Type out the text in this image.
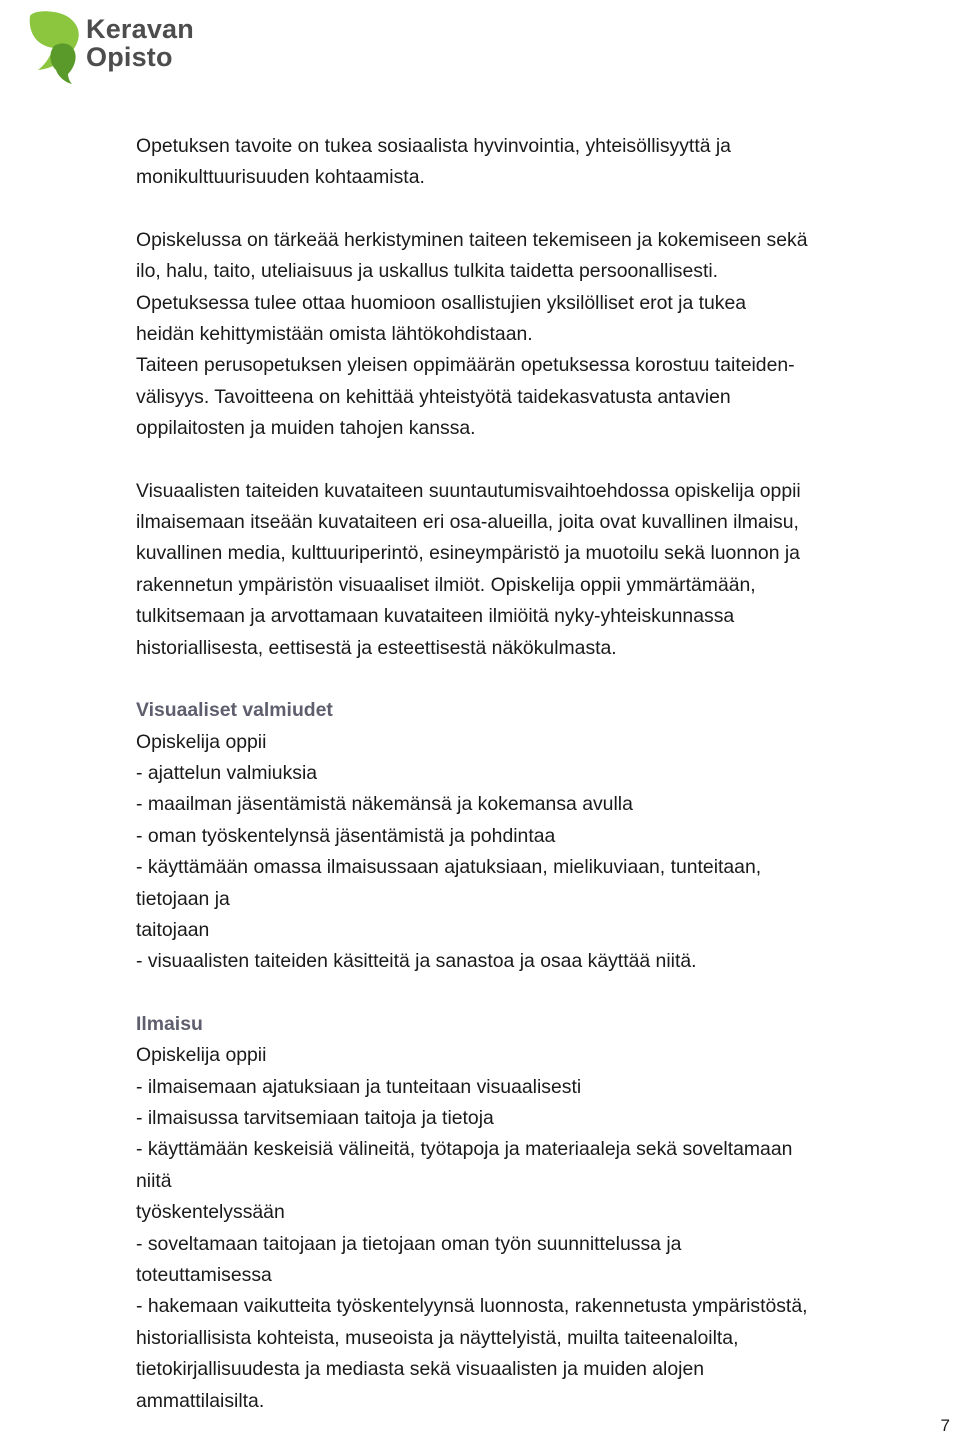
Keravan
Opisto

Opetuksen tavoite on tukea sosiaalista hyvinvointia, yhteisöllisyyttä ja
monikulttuurisuuden kohtaamista.

Opiskelussa on tärkeää herkistyminen taiteen tekemiseen ja kokemiseen sekä
ilo, halu, taito, uteliaisuus ja uskallus tulkita taidetta persoonallisesti.
Opetuksessa tulee ottaa huomioon osallistujien yksilölliset erot ja tukea
heidän kehittymistään omista lähtökohdistaan.
Taiteen perusopetuksen yleisen oppimäärän opetuksessa korostuu taiteiden-
välisyys. Tavoitteena on kehittää yhteistyötä taidekasvatusta antavien
oppilaitosten ja muiden tahojen kanssa.

Visuaalisten taiteiden kuvataiteen suuntautumisvaihtoehdossa opiskelija oppii
ilmaisemaan itseään kuvataiteen eri osa-alueilla, joita ovat kuvallinen ilmaisu,
kuvallinen media, kulttuuriperintö, esineympäristö ja muotoilu sekä luonnon ja
rakennetun ympäristön visuaaliset ilmiöt. Opiskelija oppii ymmärtämään,
tulkitsemaan ja arvottamaan kuvataiteen ilmiöitä nyky-yhteiskunnassa
historiallisesta, eettisestä ja esteettisestä näkökulmasta.

Visuaaliset valmiudet
Opiskelija oppii
- ajattelun valmiuksia
- maailman jäsentämistä näkemänsä ja kokemansa avulla
- oman työskentelynsä jäsentämistä ja pohdintaa
- käyttämään omassa ilmaisussaan ajatuksiaan, mielikuviaan, tunteitaan,
tietojaan ja
taitojaan
- visuaalisten taiteiden käsitteitä ja sanastoa ja osaa käyttää niitä.

Ilmaisu
Opiskelija oppii
- ilmaisemaan ajatuksiaan ja tunteitaan visuaalisesti
- ilmaisussa tarvitsemiaan taitoja ja tietoja
- käyttämään keskeisiä välineitä, työtapoja ja materiaaleja sekä soveltamaan
niitä
työskentelyssään
- soveltamaan taitojaan ja tietojaan oman työn suunnittelussa ja
toteuttamisessa
- hakemaan vaikutteita työskentelyynsä luonnosta, rakennetusta ympäristöstä,
historiallisista kohteista, museoista ja näyttelyistä, muilta taiteenaloilta,
tietokirjallisuudesta ja mediasta sekä visuaalisten ja muiden alojen
ammattilaisilta.

7
